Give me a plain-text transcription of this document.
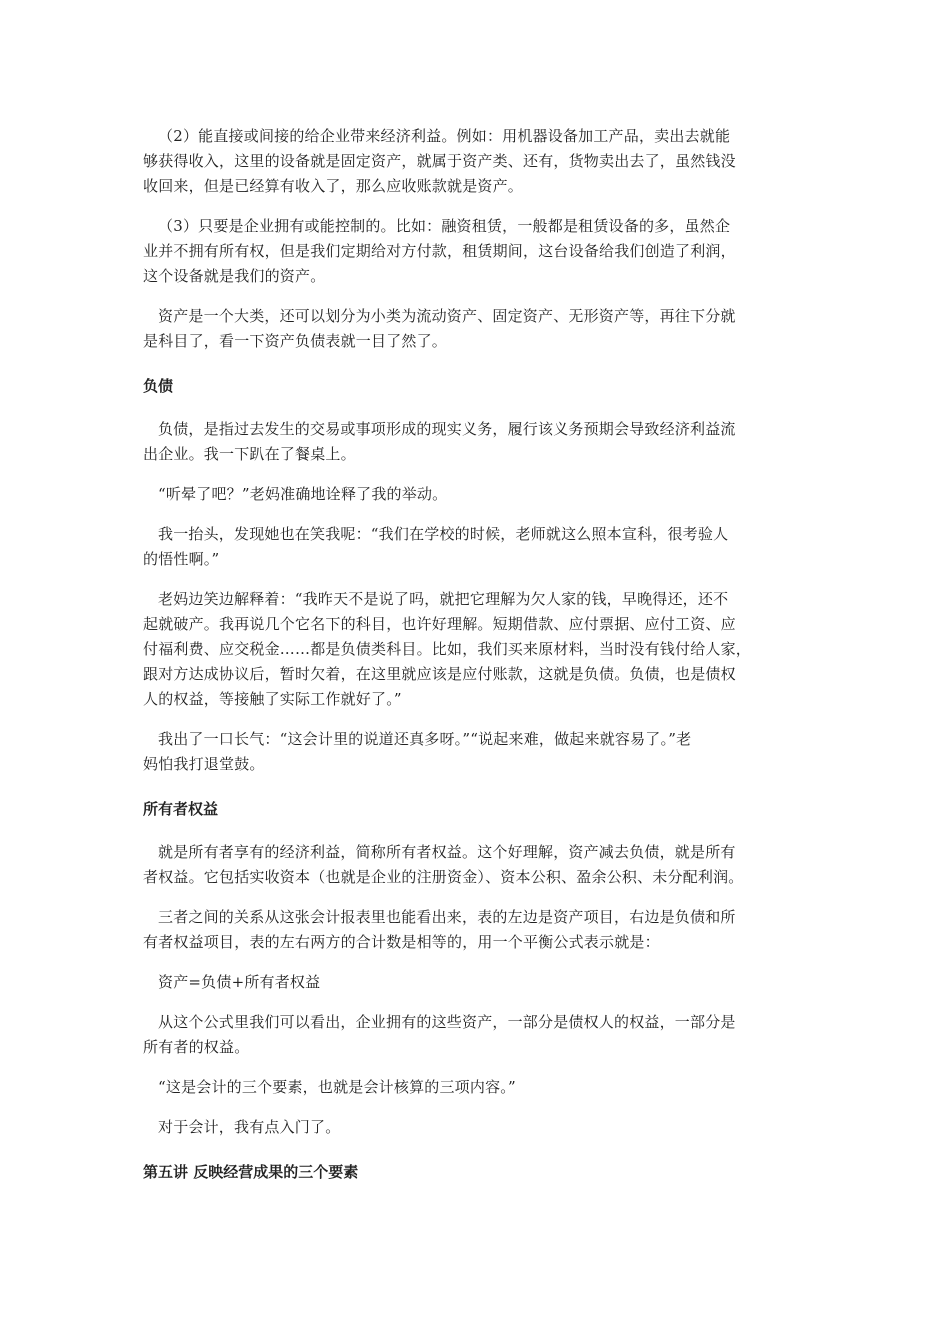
（2）能直接或间接的给企业带来经济利益。例如：用机器设备加工产品，卖出去就能
够获得收入，这里的设备就是固定资产，就属于资产类、还有，货物卖出去了，虽然钱没
收回来，但是已经算有收入了，那么应收账款就是资产。

（3）只要是企业拥有或能控制的。比如：融资租赁，一般都是租赁设备的多，虽然企
业并不拥有所有权，但是我们定期给对方付款，租赁期间，这台设备给我们创造了利润，
这个设备就是我们的资产。

资产是一个大类，还可以划分为小类为流动资产、固定资产、无形资产等，再往下分就
是科目了，看一下资产负债表就一目了然了。

负债

负债，是指过去发生的交易或事项形成的现实义务，履行该义务预期会导致经济利益流
出企业。我一下趴在了餐桌上。

“听晕了吧？”老妈准确地诠释了我的举动。

我一抬头，发现她也在笑我呢：“我们在学校的时候，老师就这么照本宣科，很考验人
的悟性啊。”

老妈边笑边解释着：“我昨天不是说了吗，就把它理解为欠人家的钱，早晚得还，还不
起就破产。我再说几个它名下的科目，也许好理解。短期借款、应付票据、应付工资、应
付福利费、应交税金……都是负债类科目。比如，我们买来原材料，当时没有钱付给人家，
跟对方达成协议后，暂时欠着，在这里就应该是应付账款，这就是负债。负债，也是债权
人的权益，等接触了实际工作就好了。”

我出了一口长气：“这会计里的说道还真多呀。”“说起来难，做起来就容易了。”老
妈怕我打退堂鼓。

所有者权益

就是所有者享有的经济利益，简称所有者权益。这个好理解，资产减去负债，就是所有
者权益。它包括实收资本（也就是企业的注册资金）、资本公积、盈余公积、未分配利润。

三者之间的关系从这张会计报表里也能看出来，表的左边是资产项目，右边是负债和所
有者权益项目，表的左右两方的合计数是相等的，用一个平衡公式表示就是：

资产=负债+所有者权益

从这个公式里我们可以看出，企业拥有的这些资产，一部分是债权人的权益，一部分是
所有者的权益。

“这是会计的三个要素，也就是会计核算的三项内容。”

对于会计，我有点入门了。

第五讲 反映经营成果的三个要素
